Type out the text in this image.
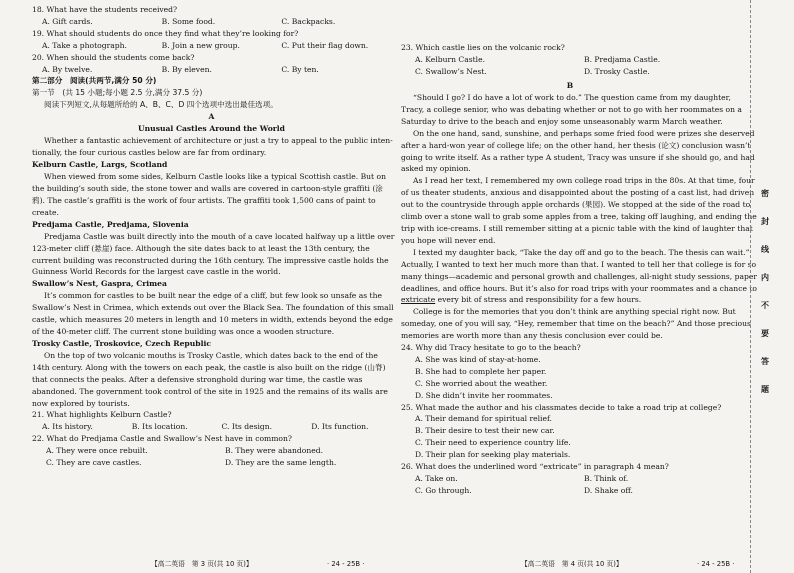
18. What have the students received?
A. Gift cards.	B. Some food.	C. Backpacks.
19. What should students do once they find what they’re looking for?
A. Take a photograph.	B. Join a new group.	C. Put their flag down.
20. When should the students come back?
A. By twelve.	B. By eleven.	C. By ten.
第二部分　阅读(共两节,满分 50 分)
第一节　(共 15 小题;每小题 2.5 分,满分 37.5 分)
阅读下列短文,从每题所给的 A、B、C、D 四个选项中选出最佳选项。
A
Unusual Castles Around the World
Whether a fantastic achievement of architecture or just a try to appeal to the public inten-
tionally, the four curious castles below are far from ordinary.
Kelburn Castle, Largs, Scotland
When viewed from some sides, Kelburn Castle looks like a typical Scottish castle. But on
the building’s south side, the stone tower and walls are covered in cartoon-style graffiti (涂
鸦). The castle’s graffiti is the work of four artists. The graffiti took 1,500 cans of paint to
create.
Predjama Castle, Predjama, Slovenia
Predjama Castle was built directly into the mouth of a cave located halfway up a little over
123-meter cliff (悬崖) face. Although the site dates back to at least the 13th century, the
current building was reconstructed during the 16th century. The impressive castle holds the
Guinness World Records for the largest cave castle in the world.
Swallow’s Nest, Gaspra, Crimea
It’s common for castles to be built near the edge of a cliff, but few look so unsafe as the
Swallow’s Nest in Crimea, which extends out over the Black Sea. The foundation of this small
castle, which measures 20 meters in length and 10 meters in width, extends beyond the edge
of the 40-meter cliff. The current stone building was once a wooden structure.
Trosky Castle, Troskovice, Czech Republic
On the top of two volcanic mouths is Trosky Castle, which dates back to the end of the
14th century. Along with the towers on each peak, the castle is also built on the ridge (山脊)
that connects the peaks. After a defensive stronghold during war time, the castle was
abandoned. The government took control of the site in 1925 and the remains of its walls are
now explored by tourists.
21. What highlights Kelburn Castle?
A. Its history.	B. Its location.	C. Its design.	D. Its function.
22. What do Predjama Castle and Swallow’s Nest have in common?
A. They were once rebuilt.	B. They were abandoned.
C. They are cave castles.	D. They are the same length.
【高二英语　第 3 页(共 10 页)】	· 24 - 25B ·
23. Which castle lies on the volcanic rock?
A. Kelburn Castle.	B. Predjama Castle.
C. Swallow’s Nest.	D. Trosky Castle.
B
“Should I go? I do have a lot of work to do.” The question came from my daughter,
Tracy, a college senior, who was debating whether or not to go with her roommates on a
Saturday to drive to the beach and enjoy some unseasonably warm March weather.
On the one hand, sand, sunshine, and perhaps some fried food were prizes she deserved
after a hard-won year of college life; on the other hand, her thesis (论文) conclusion wasn’t
going to write itself. As a rather type A student, Tracy was unsure if she should go, and had
asked my opinion.
As I read her text, I remembered my own college road trips in the 80s. At that time, four
of us theater students, anxious and disappointed about the posting of a cast list, had driven
out to the countryside through apple orchards (果园). We stopped at the side of the road to
climb over a stone wall to grab some apples from a tree, taking off laughing, and ending the
trip with ice-creams. I still remember sitting at a picnic table with the kind of laughter that
you hope will never end.
I texted my daughter back, “Take the day off and go to the beach. The thesis can wait.”
Actually, I wanted to text her much more than that. I wanted to tell her that college is for so
many things—academic and personal growth and challenges, all-night study sessions, paper
deadlines, and office hours. But it’s also for road trips with your roommates and a chance to
extricate every bit of stress and responsibility for a few hours.
College is for the memories that you don’t think are anything special right now. But
someday, one of you will say, “Hey, remember that time on the beach?” And those precious
memories are worth more than any thesis conclusion ever could be.
24. Why did Tracy hesitate to go to the beach?
A. She was kind of stay-at-home.
B. She had to complete her paper.
C. She worried about the weather.
D. She didn’t invite her roommates.
25. What made the author and his classmates decide to take a road trip at college?
A. Their demand for spiritual relief.
B. Their desire to test their new car.
C. Their need to experience country life.
D. Their plan for seeking play materials.
26. What does the underlined word “extricate” in paragraph 4 mean?
A. Take on.	B. Think of.
C. Go through.	D. Shake off.
【高二英语　第 4 页(共 10 页)】	· 24 - 25B ·
密
封
线
内
不
要
答
题
